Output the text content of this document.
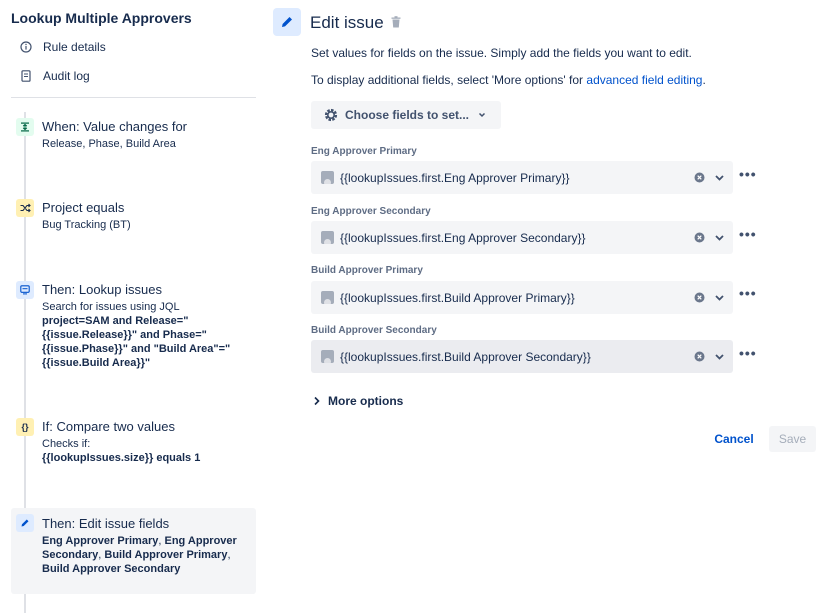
Lookup Multiple Approvers
Rule details
Audit log
When: Value changes for
Release, Phase, Build Area
Project equals
Bug Tracking (BT)
Then: Lookup issues
Search for issues using JQL
project=SAM and Release="{{issue.Release}}" and Phase="{{issue.Phase}}" and "Build Area"="{{issue.Build Area}}"
{}	If: Compare two values
Checks if:
{{lookupIssues.size}} equals 1
Then: Edit issue fields
Eng Approver Primary, Eng Approver Secondary, Build Approver Primary, Build Approver Secondary
Edit issue
Set values for fields on the issue. Simply add the fields you want to edit.
To display additional fields, select 'More options' for advanced field editing.
Choose fields to set...
Eng Approver Primary
{{lookupIssues.first.Eng Approver Primary}}	•••
Eng Approver Secondary
{{lookupIssues.first.Eng Approver Secondary}}	•••
Build Approver Primary
{{lookupIssues.first.Build Approver Primary}}	•••
Build Approver Secondary
{{lookupIssues.first.Build Approver Secondary}}	•••
More options
Cancel	Save
